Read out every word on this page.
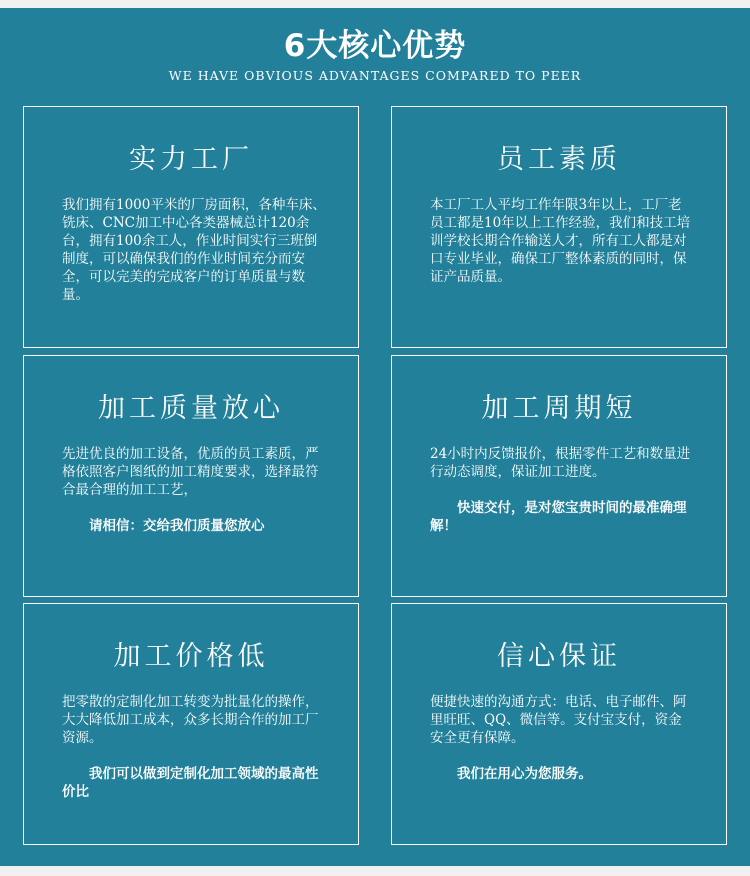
6大核心优势
WE HAVE OBVIOUS ADVANTAGES COMPARED TO PEER
实力工厂

我们拥有1000平米的厂房面积，各种车床、铣床、CNC加工中心各类器械总计120余台，拥有100余工人，作业时间实行三班倒制度，可以确保我们的作业时间充分而安全，可以完美的完成客户的订单质量与数量。

员工素质

本工厂工人平均工作年限3年以上，工厂老员工都是10年以上工作经验，我们和技工培训学校长期合作输送人才，所有工人都是对口专业毕业，确保工厂整体素质的同时，保证产品质量。

加工质量放心

先进优良的加工设备，优质的员工素质，严格依照客户图纸的加工精度要求，选择最符合最合理的加工工艺，

请相信：交给我们质量您放心

加工周期短

24小时内反馈报价，根据零件工艺和数量进行动态调度，保证加工进度。

快速交付，是对您宝贵时间的最准确理解！

加工价格低

把零散的定制化加工转变为批量化的操作，大大降低加工成本，众多长期合作的加工厂资源。

我们可以做到定制化加工领域的最高性价比

信心保证

便捷快速的沟通方式：电话、电子邮件、阿里旺旺、QQ、微信等。支付宝支付，资金安全更有保障。

我们在用心为您服务。
